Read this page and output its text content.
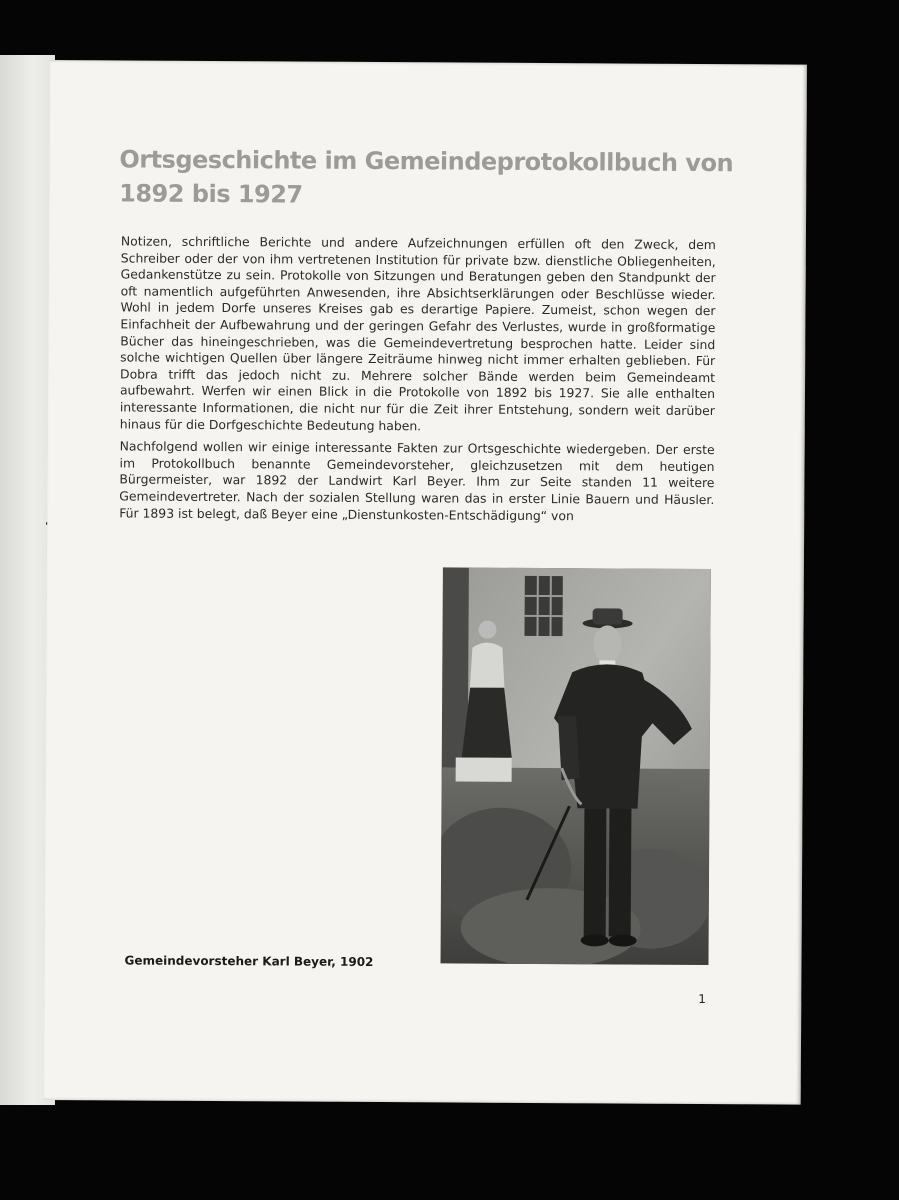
Ortsgeschichte im Gemeindeprotokollbuch von 1892 bis 1927

Notizen, schriftliche Berichte und andere Aufzeichnungen erfüllen oft den Zweck, dem Schreiber oder der von ihm vertretenen Institution für private bzw. dienstliche Obliegenheiten, Gedankenstütze zu sein. Protokolle von Sitzungen und Beratungen geben den Standpunkt der oft namentlich aufgeführten Anwesenden, ihre Absichtserklärungen oder Beschlüsse wieder. Wohl in jedem Dorfe unseres Kreises gab es derartige Papiere. Zumeist, schon wegen der Einfachheit der Aufbewahrung und der geringen Gefahr des Verlustes, wurde in großformatige Bücher das hineingeschrieben, was die Gemeindevertretung besprochen hatte. Leider sind solche wichtigen Quellen über längere Zeiträume hinweg nicht immer erhalten geblieben. Für Dobra trifft das jedoch nicht zu. Mehrere solcher Bände werden beim Gemeindeamt aufbewahrt. Werfen wir einen Blick in die Protokolle von 1892 bis 1927. Sie alle enthalten interessante Informationen, die nicht nur für die Zeit ihrer Entstehung, sondern weit darüber hinaus für die Dorfgeschichte Bedeutung haben.

Nachfolgend wollen wir einige interessante Fakten zur Ortsgeschichte wiedergeben. Der erste im Protokollbuch benannte Gemeindevorsteher, gleichzusetzen mit dem heutigen Bürgermeister, war 1892 der Landwirt Karl Beyer. Ihm zur Seite standen 11 weitere Gemeindevertreter. Nach der sozialen Stellung waren das in erster Linie Bauern und Häusler. Für 1893 ist belegt, daß Beyer eine „Dienstunkosten-Entschädigung“ von

Gemeindevorsteher Karl Beyer, 1902

1
